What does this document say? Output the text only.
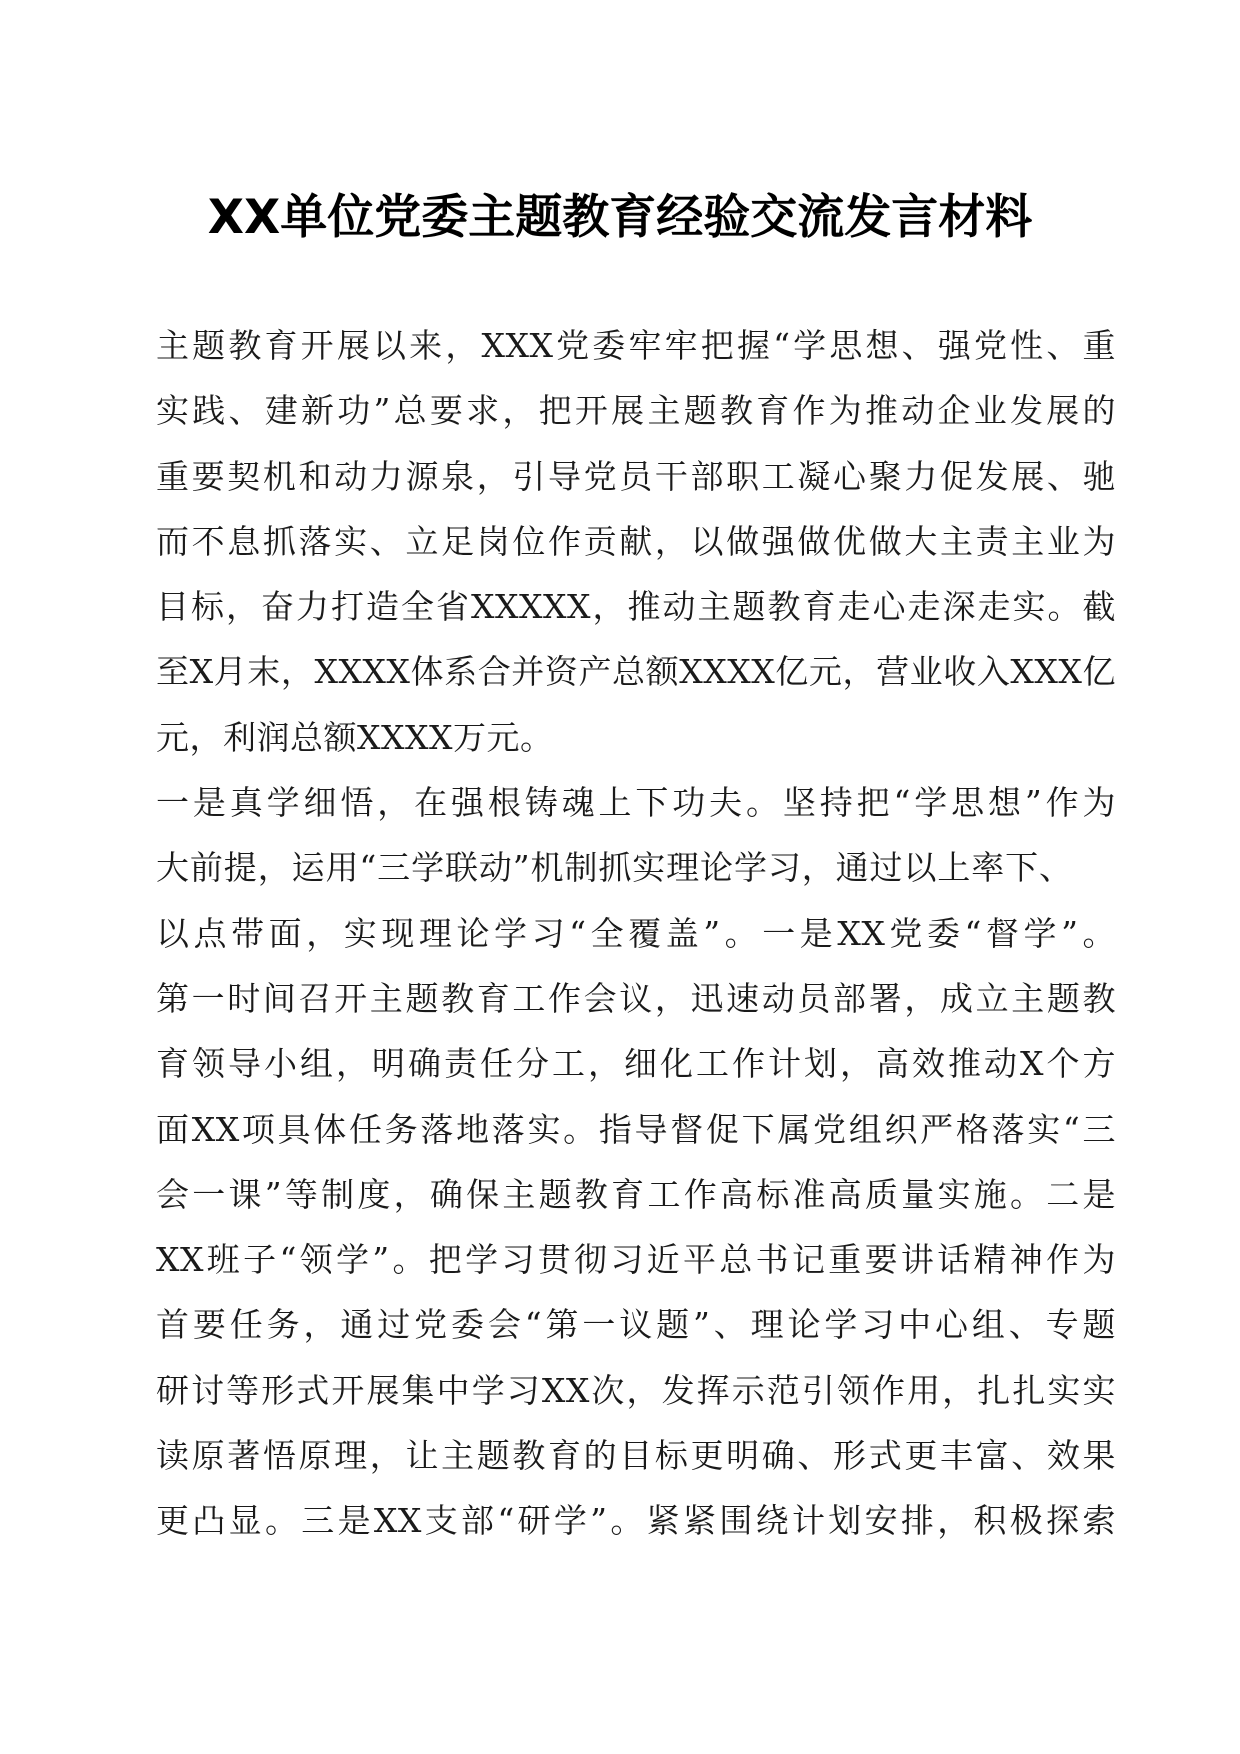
XX单位党委主题教育经验交流发言材料
主题教育开展以来，XXX党委牢牢把握“学思想、强党性、重
实践、建新功”总要求，把开展主题教育作为推动企业发展的
重要契机和动力源泉，引导党员干部职工凝心聚力促发展、驰
而不息抓落实、立足岗位作贡献，以做强做优做大主责主业为
目标，奋力打造全省XXXXX，推动主题教育走心走深走实。截
至X月末，XXXX体系合并资产总额XXXX亿元，营业收入XXX亿
元，利润总额XXXX万元。
一是真学细悟，在强根铸魂上下功夫。坚持把“学思想”作为
大前提，运用“三学联动”机制抓实理论学习，通过以上率下、
以点带面，实现理论学习“全覆盖”。一是XX党委“督学”。
第一时间召开主题教育工作会议，迅速动员部署，成立主题教
育领导小组，明确责任分工，细化工作计划，高效推动X个方
面XX项具体任务落地落实。指导督促下属党组织严格落实“三
会一课”等制度，确保主题教育工作高标准高质量实施。二是
XX班子“领学”。把学习贯彻习近平总书记重要讲话精神作为
首要任务，通过党委会“第一议题”、理论学习中心组、专题
研讨等形式开展集中学习XX次，发挥示范引领作用，扎扎实实
读原著悟原理，让主题教育的目标更明确、形式更丰富、效果
更凸显。三是XX支部“研学”。紧紧围绕计划安排，积极探索
